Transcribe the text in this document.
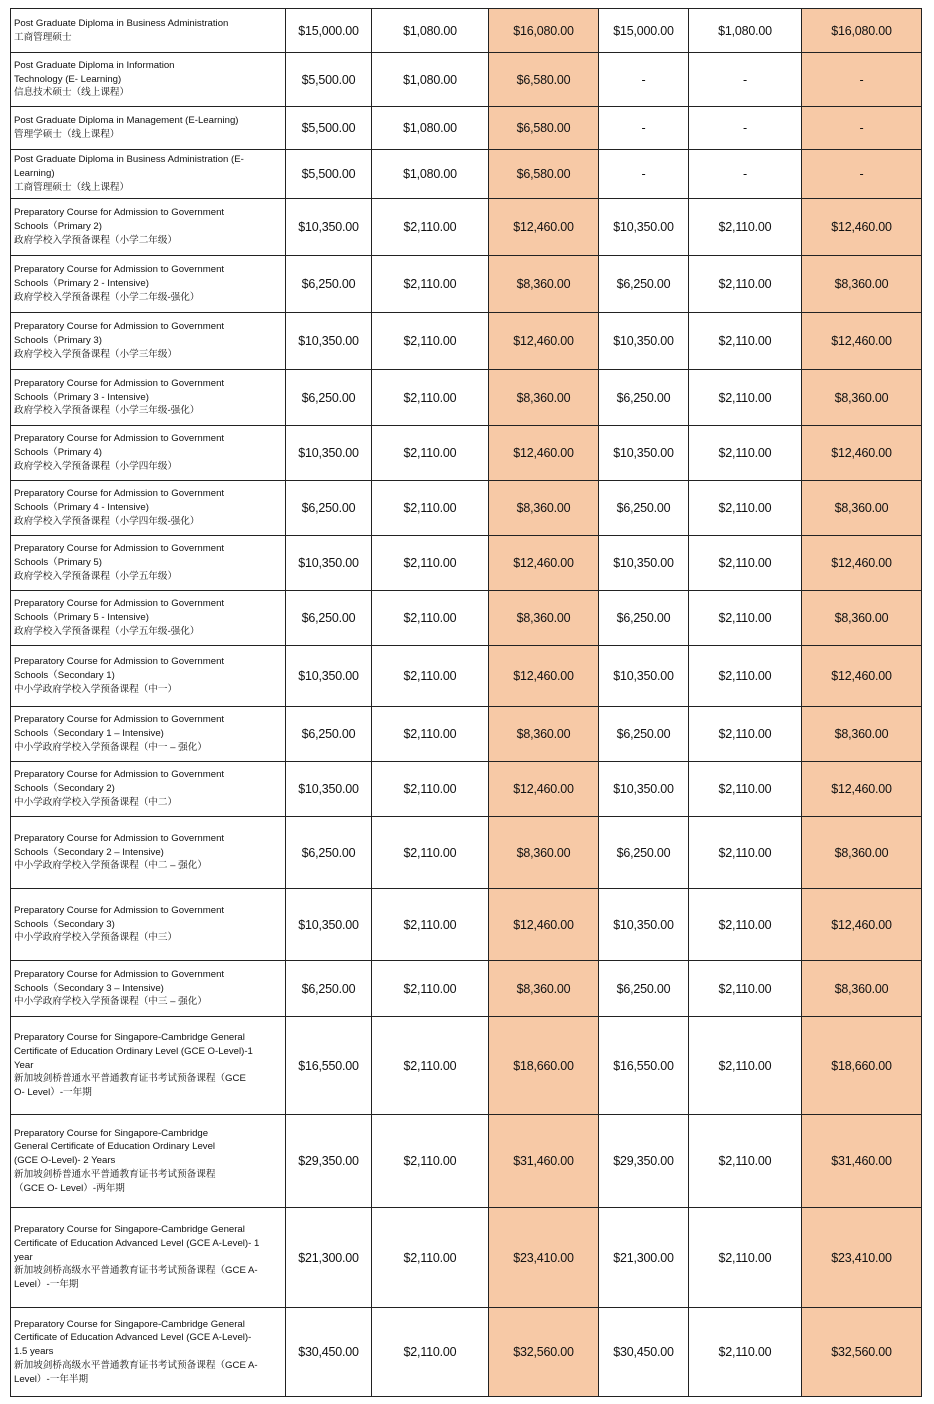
Post Graduate Diploma in Business Administration
工商管理硕士	$15,000.00	$1,080.00	$16,080.00	$15,000.00	$1,080.00	$16,080.00

Post Graduate Diploma in Information
Technology (E- Learning)
信息技术硕士（线上课程）	$5,500.00	$1,080.00	$6,580.00	-	-	-

Post Graduate Diploma in Management (E-Learning)
管理学硕士（线上课程）	$5,500.00	$1,080.00	$6,580.00	-	-	-

Post Graduate Diploma in Business Administration (E-
Learning)
工商管理硕士（线上课程）	$5,500.00	$1,080.00	$6,580.00	-	-	-

Preparatory Course for Admission to Government
Schools（Primary 2)
政府学校入学预备课程（小学二年级）	$10,350.00	$2,110.00	$12,460.00	$10,350.00	$2,110.00	$12,460.00

Preparatory Course for Admission to Government
Schools（Primary 2 - Intensive)
政府学校入学预备课程（小学二年级-强化）	$6,250.00	$2,110.00	$8,360.00	$6,250.00	$2,110.00	$8,360.00

Preparatory Course for Admission to Government
Schools（Primary 3)
政府学校入学预备课程（小学三年级）	$10,350.00	$2,110.00	$12,460.00	$10,350.00	$2,110.00	$12,460.00

Preparatory Course for Admission to Government
Schools（Primary 3 - Intensive)
政府学校入学预备课程（小学三年级-强化）	$6,250.00	$2,110.00	$8,360.00	$6,250.00	$2,110.00	$8,360.00

Preparatory Course for Admission to Government
Schools（Primary 4)
政府学校入学预备课程（小学四年级）	$10,350.00	$2,110.00	$12,460.00	$10,350.00	$2,110.00	$12,460.00

Preparatory Course for Admission to Government
Schools（Primary 4 - Intensive)
政府学校入学预备课程（小学四年级-强化）	$6,250.00	$2,110.00	$8,360.00	$6,250.00	$2,110.00	$8,360.00

Preparatory Course for Admission to Government
Schools（Primary 5)
政府学校入学预备课程（小学五年级）	$10,350.00	$2,110.00	$12,460.00	$10,350.00	$2,110.00	$12,460.00

Preparatory Course for Admission to Government
Schools（Primary 5 - Intensive)
政府学校入学预备课程（小学五年级-强化）	$6,250.00	$2,110.00	$8,360.00	$6,250.00	$2,110.00	$8,360.00

Preparatory Course for Admission to Government
Schools（Secondary 1)
中小学政府学校入学预备课程（中一）	$10,350.00	$2,110.00	$12,460.00	$10,350.00	$2,110.00	$12,460.00

Preparatory Course for Admission to Government
Schools（Secondary 1 – Intensive)
中小学政府学校入学预备课程（中一 – 强化）	$6,250.00	$2,110.00	$8,360.00	$6,250.00	$2,110.00	$8,360.00

Preparatory Course for Admission to Government
Schools（Secondary 2)
中小学政府学校入学预备课程（中二）	$10,350.00	$2,110.00	$12,460.00	$10,350.00	$2,110.00	$12,460.00

Preparatory Course for Admission to Government
Schools（Secondary 2 – Intensive)
中小学政府学校入学预备课程（中二 – 强化）	$6,250.00	$2,110.00	$8,360.00	$6,250.00	$2,110.00	$8,360.00

Preparatory Course for Admission to Government
Schools（Secondary 3)
中小学政府学校入学预备课程（中三）	$10,350.00	$2,110.00	$12,460.00	$10,350.00	$2,110.00	$12,460.00

Preparatory Course for Admission to Government
Schools（Secondary 3 – Intensive)
中小学政府学校入学预备课程（中三 – 强化）	$6,250.00	$2,110.00	$8,360.00	$6,250.00	$2,110.00	$8,360.00

Preparatory Course for Singapore-Cambridge General
Certificate of Education Ordinary Level (GCE O-Level)-1
Year
新加坡剑桥普通水平普通教育证书考试预备课程（GCE
O- Level）-一年期	$16,550.00	$2,110.00	$18,660.00	$16,550.00	$2,110.00	$18,660.00

Preparatory Course for Singapore-Cambridge
General Certificate of Education Ordinary Level
(GCE O-Level)- 2 Years
新加坡剑桥普通水平普通教育证书考试预备课程
（GCE O- Level）-两年期	$29,350.00	$2,110.00	$31,460.00	$29,350.00	$2,110.00	$31,460.00

Preparatory Course for Singapore-Cambridge General
Certificate of Education Advanced Level (GCE A-Level)- 1
year
新加坡剑桥高级水平普通教育证书考试预备课程（GCE A-
Level）-一年期	$21,300.00	$2,110.00	$23,410.00	$21,300.00	$2,110.00	$23,410.00

Preparatory Course for Singapore-Cambridge General
Certificate of Education Advanced Level (GCE A-Level)-
1.5 years
新加坡剑桥高级水平普通教育证书考试预备课程（GCE A-
Level）-一年半期	$30,450.00	$2,110.00	$32,560.00	$30,450.00	$2,110.00	$32,560.00
